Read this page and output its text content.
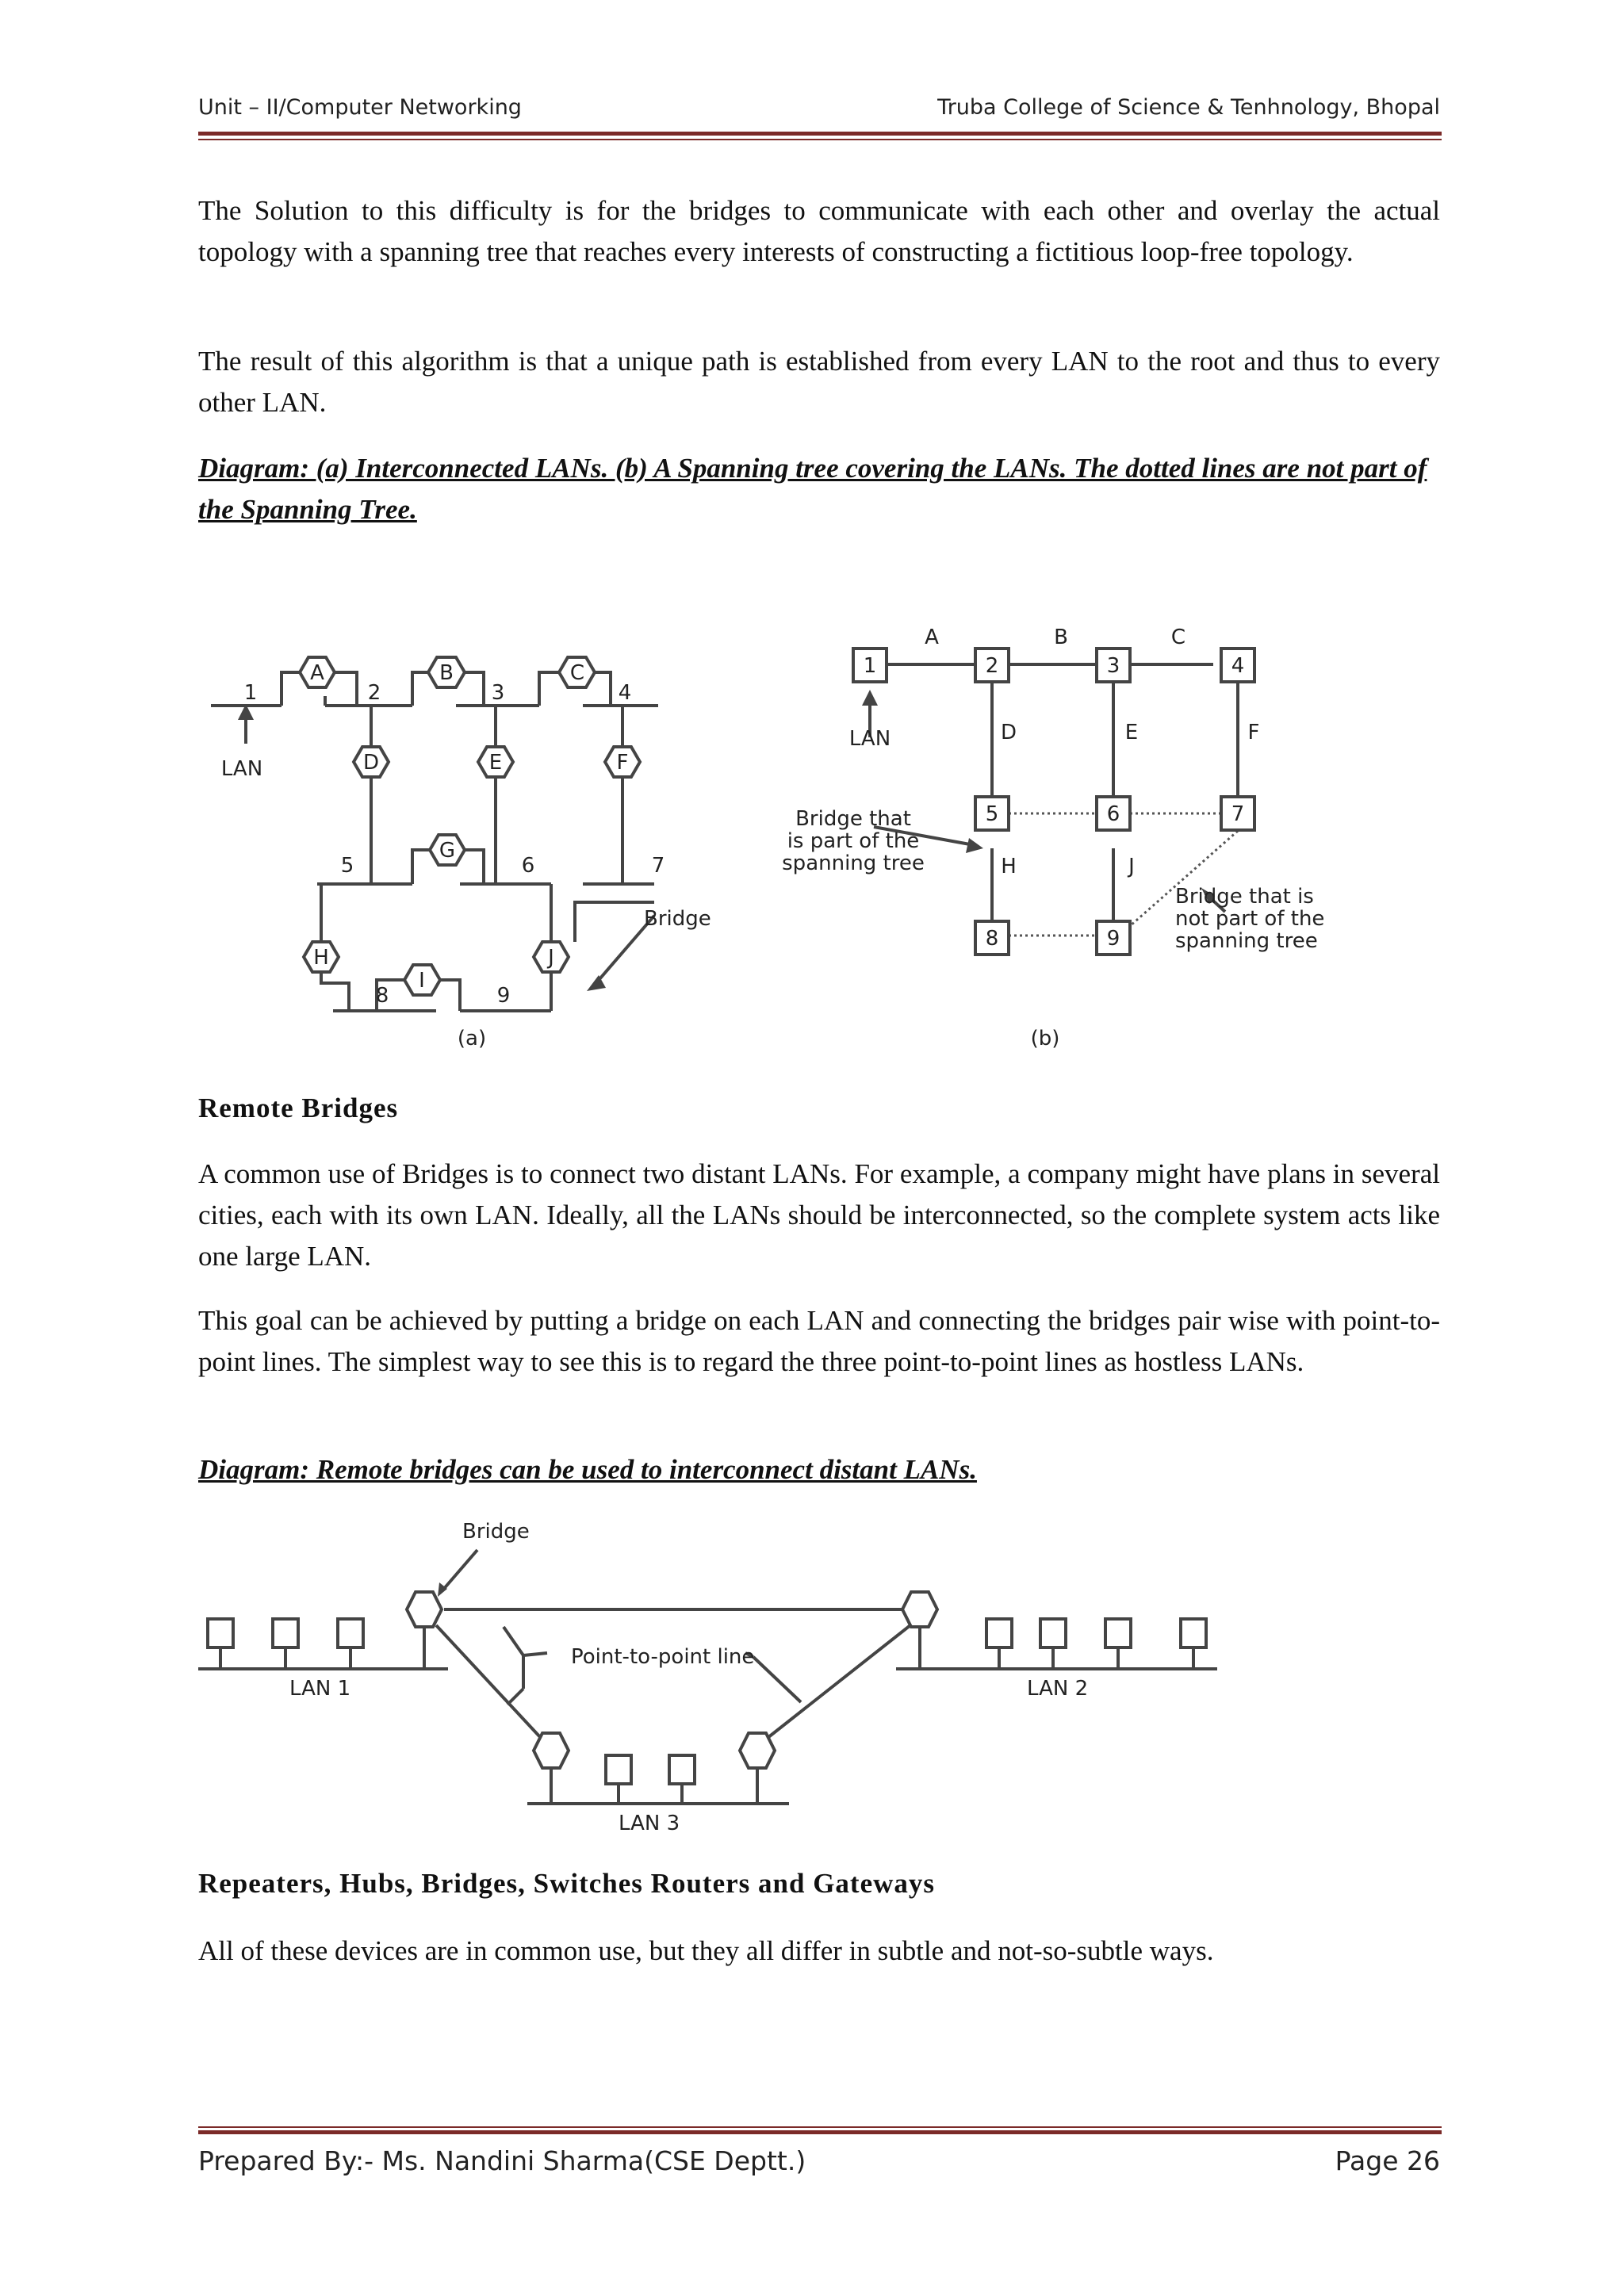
Unit – II/Computer Networking	Truba College of Science & Tenhnology, Bhopal

The Solution to this difficulty is for the bridges to communicate with each other and overlay the actual topology with a spanning tree that reaches every interests of constructing a fictitious loop-free topology.

The result of this algorithm is that a unique path is established from every LAN to the root and thus to every other LAN.

Diagram: (a) Interconnected LANs. (b) A Spanning tree covering the LANs. The dotted lines are not part of the Spanning Tree.

A	B	C
D	E	F
G
H
I
J
1	2	3	4
5	6	7
8	9
LAN
(a)
Bridge
1	2	3	4
5	6	7
8	9
A	B	C
D	E	F
H	J
LAN
Bridge that
is part of the
spanning tree
(b)
Bridge that is
not part of the
spanning tree

Remote Bridges

A common use of Bridges is to connect two distant LANs. For example, a company might have plans in several cities, each with its own LAN. Ideally, all the LANs should be interconnected, so the complete system acts like one large LAN.

This goal can be achieved by putting a bridge on each LAN and connecting the bridges pair wise with point-to-point lines. The simplest way to see this is to regard the three point-to-point lines as hostless LANs.

Diagram: Remote bridges can be used to interconnect distant LANs.

Bridge
Point-to-point line
LAN 1	LAN 2
LAN 3

Repeaters, Hubs, Bridges, Switches Routers and Gateways

All of these devices are in common use, but they all differ in subtle and not-so-subtle ways.

Prepared By:- Ms. Nandini Sharma(CSE Deptt.)	Page 26
